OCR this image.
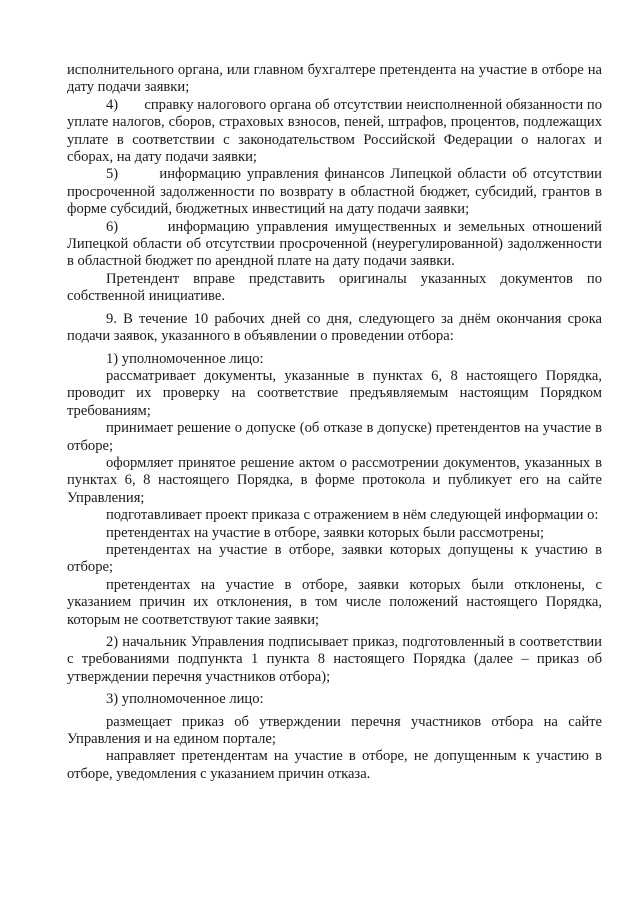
исполнительного органа, или главном бухгалтере претендента на участие в отборе на дату подачи заявки;

4)       справку налогового органа об отсутствии неисполненной обязанности по уплате налогов, сборов, страховых взносов, пеней, штрафов, процентов, подлежащих уплате в соответствии с законодательством Российской Федерации о налогах и сборах, на дату подачи заявки;

5)       информацию управления финансов Липецкой области об отсутствии просроченной задолженности по возврату в областной бюджет, субсидий, грантов в форме субсидий, бюджетных инвестиций на дату подачи заявки;

6)       информацию управления имущественных и земельных отношений Липецкой области об отсутствии просроченной (неурегулированной) задолженности в областной бюджет по арендной плате на дату подачи заявки.

Претендент вправе представить оригиналы указанных документов по собственной инициативе.

9. В течение 10 рабочих дней со дня, следующего за днём окончания срока подачи заявок, указанного в объявлении о проведении отбора:

1) уполномоченное лицо:

рассматривает документы, указанные в пунктах 6, 8 настоящего Порядка, проводит их проверку на соответствие предъявляемым настоящим Порядком требованиям;

принимает решение о допуске (об отказе в допуске) претендентов на участие в отборе;

оформляет принятое решение актом о рассмотрении документов, указанных в пунктах 6, 8 настоящего Порядка, в форме протокола и публикует его на сайте Управления;

подготавливает проект приказа с отражением в нём следующей информации о:

претендентах на участие в отборе, заявки которых были рассмотрены;

претендентах на участие в отборе, заявки которых допущены к участию в отборе;

претендентах на участие в отборе, заявки которых были отклонены, с указанием причин их отклонения, в том числе положений настоящего Порядка, которым не соответствуют такие заявки;

2) начальник Управления подписывает приказ, подготовленный в соответствии с требованиями подпункта 1 пункта 8 настоящего Порядка (далее – приказ об утверждении перечня участников отбора);

3) уполномоченное лицо:

размещает приказ об утверждении перечня участников отбора на сайте Управления и на едином портале;

направляет претендентам на участие в отборе, не допущенным к участию в отборе, уведомления с указанием причин отказа.
